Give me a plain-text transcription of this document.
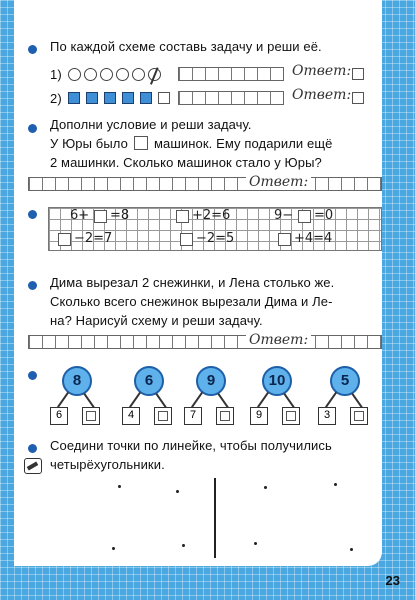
По каждой схеме составь задачу и реши её.
1)	Ответ:
2)	Ответ:
Дополни условие и реши задачу.
У Юры было машинок. Ему подарили ещё
2 машинки. Сколько машинок стало у Юры?
Ответ:
6+ =8	+2=6	9− =0
−2=7	−2=5	+4=4
Дима вырезал 2 снежинки, и Лена столько же.
Сколько всего снежинок вырезали Дима и Ле-
на? Нарисуй схему и реши задачу.
Ответ:
8
6
6
4
9
7
10
9
5
3
Соедини точки по линейке, чтобы получились
четырёхугольники.
23
